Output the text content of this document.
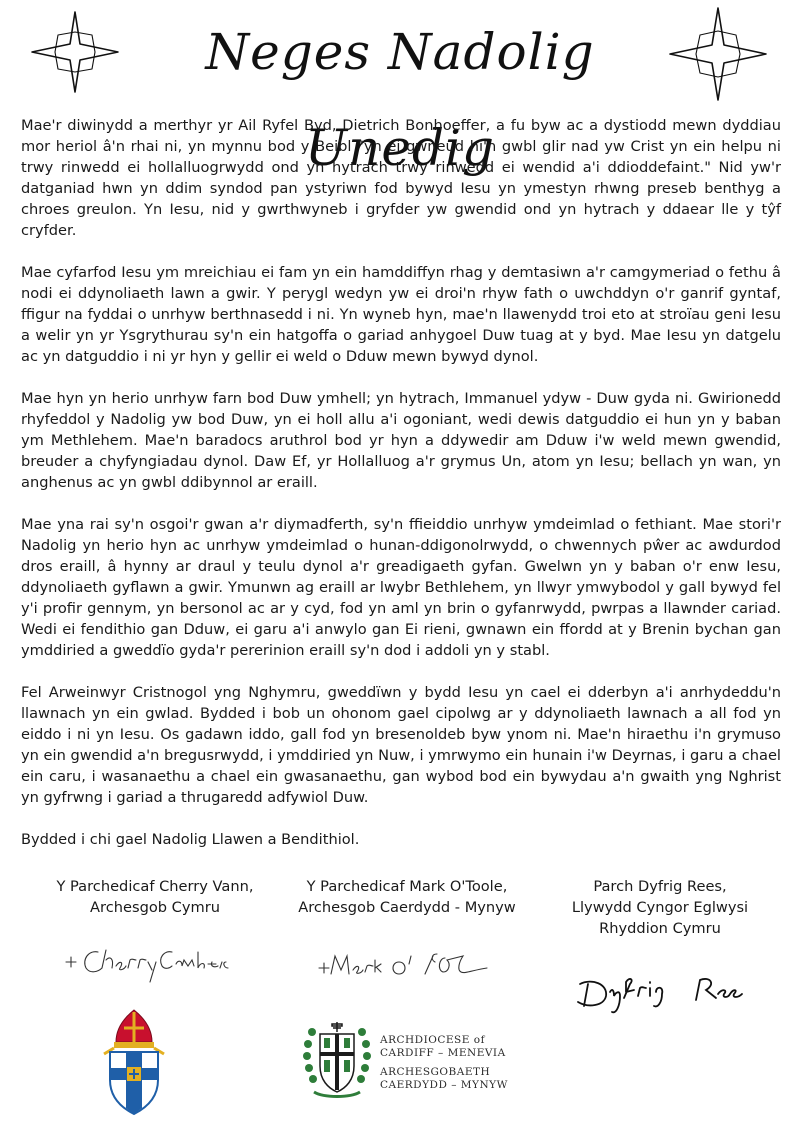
Neges Nadolig Unedig

Mae'r diwinydd a merthyr yr Ail Ryfel Byd, Dietrich Bonhoeffer, a fu byw ac a dystiodd mewn dyddiau mor heriol â'n rhai ni, yn mynnu bod y Beibl "yn ei gwneud hi'n gwbl glir nad yw Crist yn ein helpu ni trwy rinwedd ei hollalluogrwydd ond yn hytrach trwy rinwedd ei wendid a'i ddioddefaint." Nid yw'r datganiad hwn yn ddim syndod pan ystyriwn fod bywyd Iesu yn ymestyn rhwng preseb benthyg a chroes greulon. Yn Iesu, nid y gwrthwyneb i gryfder yw gwendid ond yn hytrach y ddaear lle y tŷf cryfder.

Mae cyfarfod Iesu ym mreichiau ei fam yn ein hamddiffyn rhag y demtasiwn a'r camgymeriad o fethu â nodi ei ddynoliaeth lawn a gwir. Y perygl wedyn yw ei droi'n rhyw fath o uwchddyn o'r ganrif gyntaf, ffigur na fyddai o unrhyw berthnasedd i ni. Yn wyneb hyn, mae'n llawenydd troi eto at stroïau geni Iesu a welir yn yr Ysgrythurau sy'n ein hatgoffa o gariad anhygoel Duw tuag at y byd. Mae Iesu yn datgelu ac yn datguddio i ni yr hyn y gellir ei weld o Dduw mewn bywyd dynol.

Mae hyn yn herio unrhyw farn bod Duw ymhell; yn hytrach, Immanuel ydyw - Duw gyda ni. Gwirionedd rhyfeddol y Nadolig yw bod Duw, yn ei holl allu a'i ogoniant, wedi dewis datguddio ei hun yn y baban ym Methlehem. Mae'n baradocs aruthrol bod yr hyn a ddywedir am Dduw i'w weld mewn gwendid, breuder a chyfyngiadau dynol. Daw Ef, yr Hollalluog a'r grymus Un, atom yn Iesu; bellach yn wan, yn anghenus ac yn gwbl ddibynnol ar eraill.

Mae yna rai sy'n osgoi'r gwan a'r diymadferth, sy'n ffieiddio unrhyw ymdeimlad o fethiant. Mae stori'r Nadolig yn herio hyn ac unrhyw ymdeimlad o hunan-ddigonolrwydd, o chwennych pŵer ac awdurdod dros eraill, â hynny ar draul y teulu dynol a'r greadigaeth gyfan. Gwelwn yn y baban o'r enw Iesu, ddynoliaeth gyflawn a gwir. Ymunwn ag eraill ar lwybr Bethlehem, yn llwyr ymwybodol y gall bywyd fel y'i profir gennym, yn bersonol ac ar y cyd, fod yn aml yn brin o gyfanrwydd, pwrpas a llawnder cariad. Wedi ei fendithio gan Dduw, ei garu a'i anwylo gan Ei rieni, gwnawn ein ffordd at y Brenin bychan gan ymddiried a gweddïo gyda'r pererinion eraill sy'n dod i addoli yn y stabl.

Fel Arweinwyr Cristnogol yng Nghymru, gweddïwn y bydd Iesu yn cael ei dderbyn a'i anrhydeddu'n llawnach yn ein gwlad. Bydded i bob un ohonom gael cipolwg ar y ddynoliaeth lawnach a all fod yn eiddo i ni yn Iesu. Os gadawn iddo, gall fod yn bresenoldeb byw ynom ni. Mae'n hiraethu i'n grymuso yn ein gwendid a'n bregusrwydd, i ymddiried yn Nuw, i ymrwymo ein hunain i'w Deyrnas, i garu a chael ein caru, i wasanaethu a chael ein gwasanaethu, gan wybod bod ein bywydau a'n gwaith yng Nghrist yn gyfrwng i gariad a thrugaredd adfywiol Duw.

Bydded i chi gael Nadolig Llawen a Bendithiol.

Y Parchedicaf Cherry Vann,
Archesgob Cymru
Y Parchedicaf Mark O'Toole,
Archesgob Caerdydd - Mynyw
Parch Dyfrig Rees,
Llywydd Cyngor Eglwysi
Rhyddion Cymru
ARCHDIOCESE of
CARDIFF – MENEVIA
ARCHESGOBAETH
CAERDYDD – MYNYW
